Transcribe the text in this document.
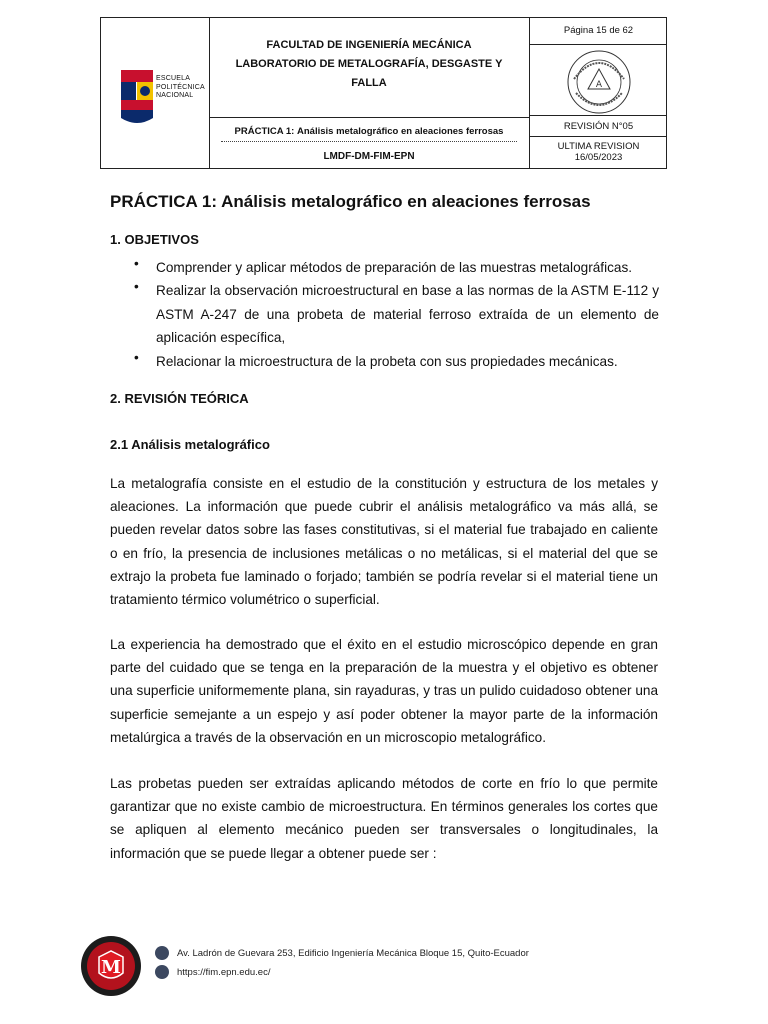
ESCUELA
POLITÉCNICA
NACIONAL
FACULTAD DE INGENIERÍA MECÁNICA
LABORATORIO DE METALOGRAFÍA, DESGASTE Y
FALLA
PRÁCTICA 1: Análisis metalográfico en aleaciones ferrosas
LMDF-DM-FIM-EPN
Página 15 de 62
A
REVISIÓN N°05
ULTIMA REVISION
16/05/2023
PRÁCTICA 1: Análisis metalográfico en aleaciones ferrosas
1. OBJETIVOS
• Comprender y aplicar métodos de preparación de las muestras metalográficas.
• Realizar la observación microestructural en base a las normas de la ASTM E-112 y ASTM A-247 de una probeta de material ferroso extraída de un elemento de aplicación específica,
• Relacionar la microestructura de la probeta con sus propiedades mecánicas.
2. REVISIÓN TEÓRICA
2.1 Análisis metalográfico
La metalografía consiste en el estudio de la constitución y estructura de los metales y aleaciones. La información que puede cubrir el análisis metalográfico va más allá, se pueden revelar datos sobre las fases constitutivas, si el material fue trabajado en caliente o en frío, la presencia de inclusiones metálicas o no metálicas, si el material del que se extrajo la probeta fue laminado o forjado; también se podría revelar si el material tiene un tratamiento térmico volumétrico o superficial.
La experiencia ha demostrado que el éxito en el estudio microscópico depende en gran parte del cuidado que se tenga en la preparación de la muestra y el objetivo es obtener una superficie uniformemente plana, sin rayaduras, y tras un pulido cuidadoso obtener una superficie semejante a un espejo y así poder obtener la mayor parte de la información metalúrgica a través de la observación en un microscopio metalográfico.
Las probetas pueden ser extraídas aplicando métodos de corte en frío lo que permite garantizar que no existe cambio de microestructura. En términos generales los cortes que se apliquen al elemento mecánico pueden ser transversales o longitudinales, la información que se puede llegar a obtener puede ser :
M
Av. Ladrón de Guevara 253, Edificio Ingeniería Mecánica Bloque 15, Quito-Ecuador
https://fim.epn.edu.ec/
